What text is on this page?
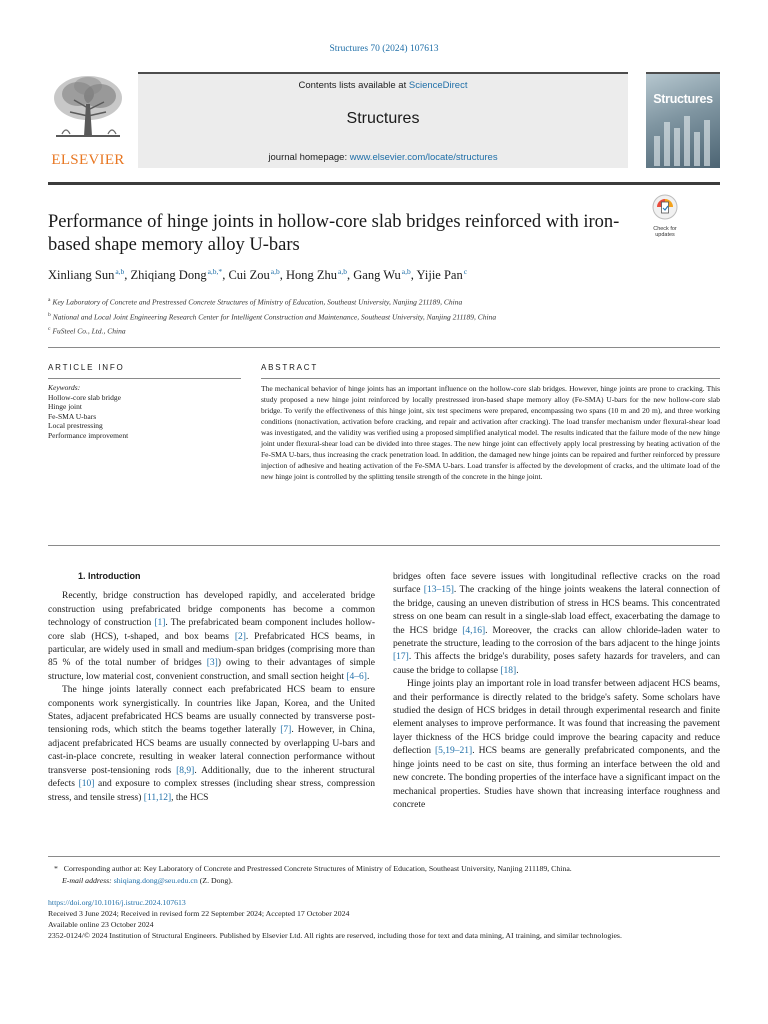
Structures 70 (2024) 107613
ELSEVIER
Contents lists available at ScienceDirect
Structures
journal homepage: www.elsevier.com/locate/structures
Structures
Performance of hinge joints in hollow-core slab bridges reinforced with iron-based shape memory alloy U-bars
Check for updates
Xinliang Sun$^{a,b}$, Zhiqiang Dong$^{a,b,*}$, Cui Zou$^{a,b}$, Hong Zhu$^{a,b}$, Gang Wu$^{a,b}$, Yijie Pan$^c$
$^a$ Key Laboratory of Concrete and Prestressed Concrete Structures of Ministry of Education, Southeast University, Nanjing 211189, China
$^b$ National and Local Joint Engineering Research Center for Intelligent Construction and Maintenance, Southeast University, Nanjing 211189, China
$^c$ FuSteel Co., Ltd., China
ARTICLE INFO
Keywords:
Hollow-core slab bridge
Hinge joint
Fe-SMA U-bars
Local prestressing
Performance improvement
ABSTRACT
The mechanical behavior of hinge joints has an important influence on the hollow-core slab bridges. However, hinge joints are prone to cracking. This study proposed a new hinge joint reinforced by locally prestressed iron-based shape memory alloy (Fe-SMA) U-bars for the new hollow-core slab bridge. To verify the effectiveness of this hinge joint, six test specimens were prepared, encompassing two spans (10 m and 20 m), and three working conditions (nonactivation, activation before cracking, and repair and activation after cracking). The load transfer mechanism under flexural-shear load was investigated, and the validity was verified using a proposed simplified analytical model. The results indicated that the failure mode of the new hinge joint under flexural-shear load can be divided into three stages. The new hinge joint can effectively apply local prestressing by heating activation of the Fe-SMA U-bars, thus increasing the crack penetration load. In addition, the damaged new hinge joints can be repaired and further reinforced by pressure injection of adhesive and heating activation of the Fe-SMA U-bars. Load transfer is affected by the development of cracks, and the ultimate load of the new hinge joint is controlled by the splitting tensile strength of the concrete in the hinge joint.
1. Introduction

Recently, bridge construction has developed rapidly, and accelerated bridge construction using prefabricated bridge components has become a common technology of construction [1]. The prefabricated beam component includes hollow-core slab (HCS), t-shaped, and box beams [2]. Prefabricated HCS beams, in particular, are widely used in small and medium-span bridges (comprising more than 85 % of the total number of bridges [3]) owing to their advantages of simple structure, low material cost, convenient construction, and small section height [4–6].

The hinge joints laterally connect each prefabricated HCS beam to ensure components work synergistically. In countries like Japan, Korea, and the United States, adjacent prefabricated HCS beams are usually connected by transverse post-tensioning rods, which stitch the beams together laterally [7]. However, in China, adjacent prefabricated HCS beams are usually connected by overlapping U-bars and cast-in-place concrete, resulting in weaker lateral connection performance without transverse post-tensioning rods [8,9]. Additionally, due to the inherent structural defects [10] and exposure to complex stresses (including shear stress, compression stress, and tensile stress) [11,12], the HCS

bridges often face severe issues with longitudinal reflective cracks on the road surface [13–15]. The cracking of the hinge joints weakens the lateral connection of the bridge, causing an uneven distribution of stress in HCS beams. This concentrated stress on one beam can result in a single-slab load effect, exacerbating the damage to the HCS bridge [4,16]. Moreover, the cracks can allow chloride-laden water to penetrate the structure, leading to the corrosion of the bars adjacent to the hinge joints [17]. This affects the bridge's durability, poses safety hazards for travelers, and can cause the bridge to collapse [18].

Hinge joints play an important role in load transfer between adjacent HCS beams, and their performance is directly related to the bridge's safety. Some scholars have studied the design of HCS bridges in detail through experimental research and finite element analyses to improve performance. It was found that increasing the pavement layer thickness of the HCS bridge could improve the bearing capacity and reduce deflection [5,19–21]. HCS beams are generally prefabricated components, and the hinge joints need to be cast on site, thus forming an interface between the old and new concrete. The bonding properties of the interface have a significant impact on the mechanical properties. Studies have shown that increasing interface roughness and concrete

* Corresponding author at: Key Laboratory of Concrete and Prestressed Concrete Structures of Ministry of Education, Southeast University, Nanjing 211189, China.
E-mail address: shiqiang.dong@seu.edu.cn (Z. Dong).
https://doi.org/10.1016/j.istruc.2024.107613
Received 3 June 2024; Received in revised form 22 September 2024; Accepted 17 October 2024
Available online 23 October 2024
2352-0124/© 2024 Institution of Structural Engineers. Published by Elsevier Ltd. All rights are reserved, including those for text and data mining, AI training, and similar technologies.
